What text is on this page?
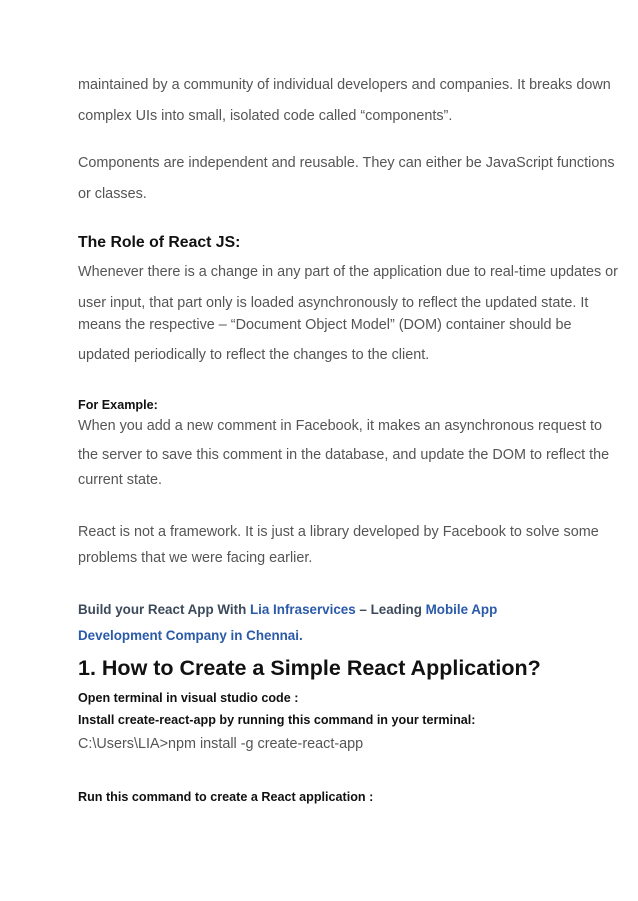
maintained by a community of individual developers and companies. It breaks down
complex UIs into small, isolated code called “components”.
Components are independent and reusable. They can either be JavaScript functions
or classes.
The Role of React JS:
Whenever there is a change in any part of the application due to real-time updates or
user input, that part only is loaded asynchronously to reflect the updated state. It
means the respective – “Document Object Model” (DOM) container should be
updated periodically to reflect the changes to the client.
For Example:
When you add a new comment in Facebook, it makes an asynchronous request to
the server to save this comment in the database, and update the DOM to reflect the
current state.
React is not a framework. It is just a library developed by Facebook to solve some
problems that we were facing earlier.
Build your React App With Lia Infraservices – Leading Mobile App
Development Company in Chennai.
1. How to Create a Simple React Application?
Open terminal in visual studio code :
Install create-react-app by running this command in your terminal:
C:\Users\LIA>npm install -g create-react-app
Run this command to create a React application :
